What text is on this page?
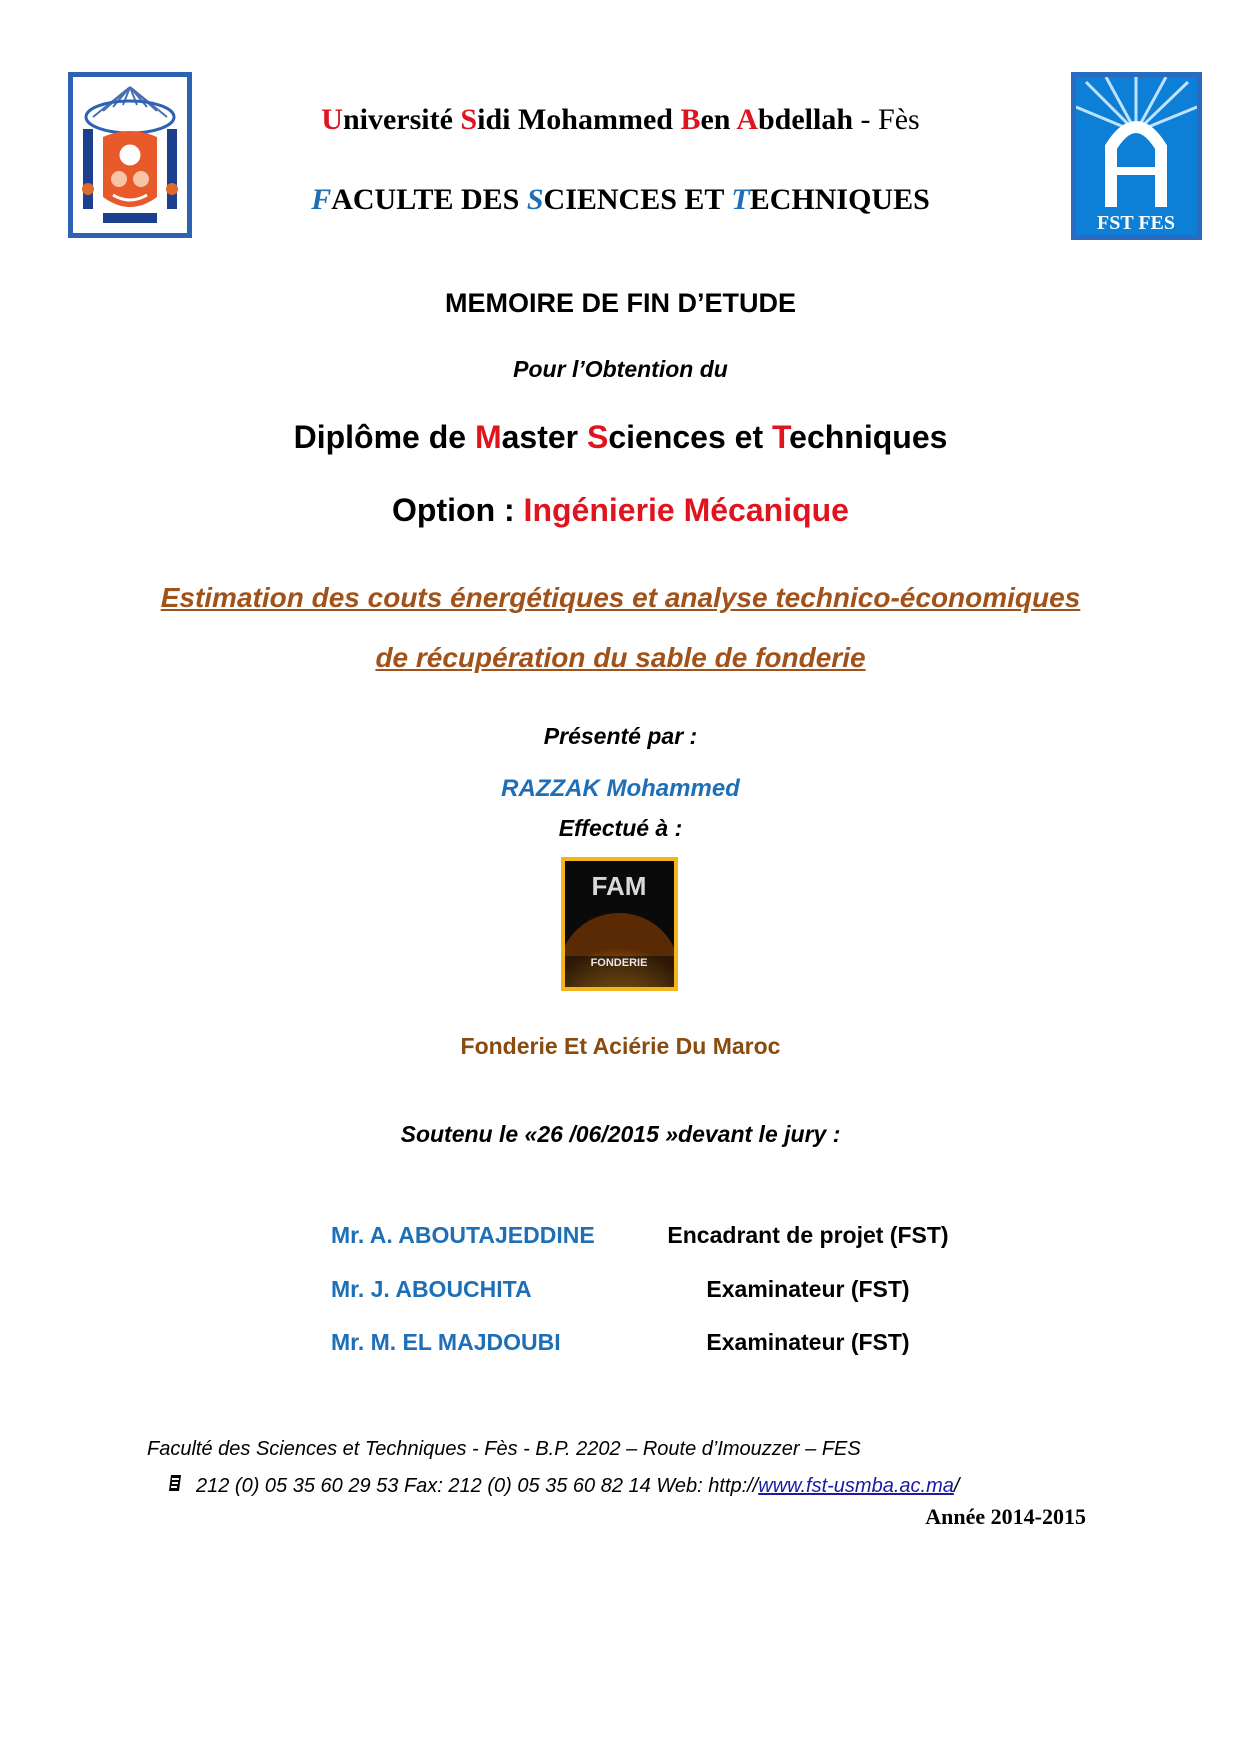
FST FES
Université Sidi Mohammed Ben Abdellah - Fès
FACULTE DES SCIENCES ET TECHNIQUES
MEMOIRE DE FIN D’ETUDE
Pour l’Obtention du
Diplôme de Master Sciences et Techniques
Option : Ingénierie Mécanique
Estimation des couts énergétiques et analyse technico-économiques
de récupération du sable de fonderie
Présenté par :
RAZZAK Mohammed
Effectué à :
FAM
FONDERIE
Fonderie Et Aciérie Du Maroc
Soutenu le «26 /06/2015 »devant le jury :
Mr. A. ABOUTAJEDDINE	Encadrant de projet (FST)
Mr. J. ABOUCHITA	Examinateur (FST)
Mr. M. EL MAJDOUBI	Examinateur (FST)
Faculté des Sciences et Techniques - Fès - B.P. 2202 – Route d’Imouzzer – FES
212 (0) 05 35 60 29 53 Fax: 212 (0) 05 35 60 82 14 Web: http://www.fst-usmba.ac.ma/
Année 2014-2015
